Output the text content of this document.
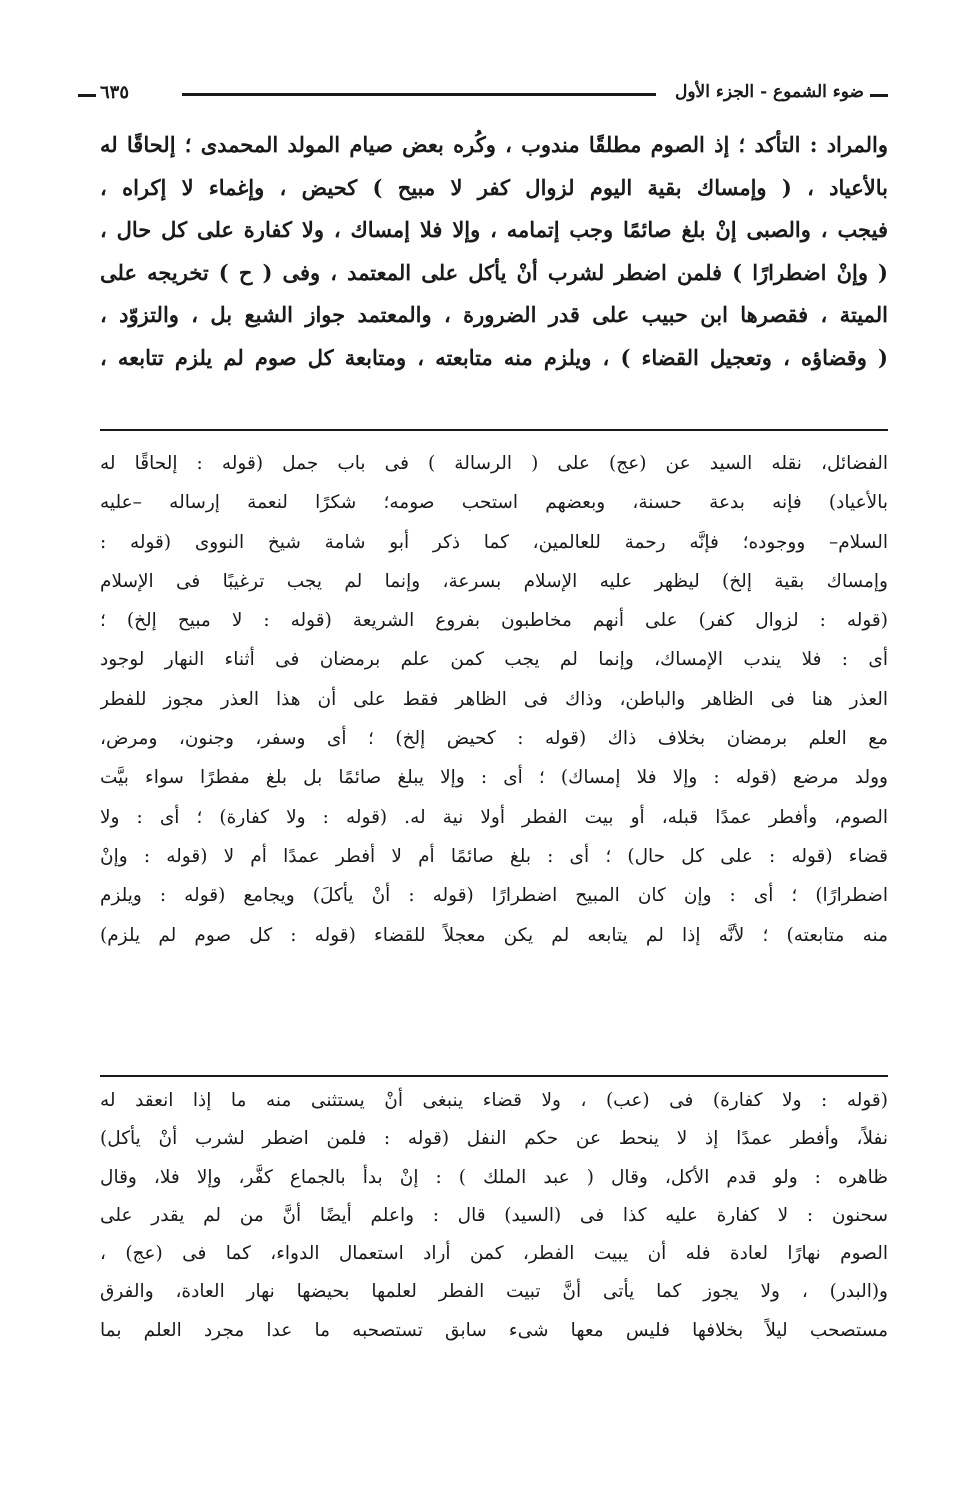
ضوء الشموع - الجزء الأول
٦٣٥
والمراد : التأكد ؛ إذ الصوم مطلقًا مندوب ، وكُره بعض صيام المولد المحمدى ؛ إلحاقًا له
بالأعياد ، ( وإمساك بقية اليوم لزوال كفر لا مبيح ) كحيض ، وإغماء لا إكراه ،
فيجب ، والصبى إنْ بلغ صائمًا وجب إتمامه ، وإلا فلا إمساك ، ولا كفارة على كل حال ،
( وإنْ اضطرارًا ) فلمن اضطر لشرب أنْ يأكل على المعتمد ، وفى ( ح ) تخريجه على
الميتة ، فقصرها ابن حبيب على قدر الضرورة ، والمعتمد جواز الشبع بل ، والتزوّد ،
( وقضاؤه ، وتعجيل القضاء ) ، ويلزم منه متابعته ، ومتابعة كل صوم لم يلزم تتابعه ،
الفضائل، نقله السيد عن (عج) على ( الرسالة ) فى باب جمل (قوله : إلحاقًا له
بالأعياد) فإنه بدعة حسنة، وبعضهم استحب صومه؛ شكرًا لنعمة إرساله –عليه
السلام– ووجوده؛ فإنَّه رحمة للعالمين، كما ذكر أبو شامة شيخ النووى (قوله :
وإمساك بقية إلخ) ليظهر عليه الإسلام بسرعة، وإنما لم يجب ترغيبًا فى الإسلام
(قوله : لزوال كفر) على أنهم مخاطبون بفروع الشريعة (قوله : لا مبيح إلخ) ؛
أى : فلا يندب الإمساك، وإنما لم يجب كمن علم برمضان فى أثناء النهار لوجود
العذر هنا فى الظاهر والباطن، وذاك فى الظاهر فقط على أن هذا العذر مجوز للفطر
مع العلم برمضان بخلاف ذاك (قوله : كحيض إلخ) ؛ أى وسفر، وجنون، ومرض،
وولد مرضع (قوله : وإلا فلا إمساك) ؛ أى : وإلا يبلغ صائمًا بل بلغ مفطرًا سواء بيَّت
الصوم، وأفطر عمدًا قبله، أو بيت الفطر أولا نية له. (قوله : ولا كفارة) ؛ أى : ولا
قضاء (قوله : على كل حال) ؛ أى : بلغ صائمًا أم لا أفطر عمدًا أم لا (قوله : وإنْ
اضطرارًا) ؛ أى : وإن كان المبيح اضطرارًا (قوله : أنْ يأكلَ) ويجامع (قوله : ويلزم
منه متابعته) ؛ لأنَّه إذا لم يتابعه لم يكن معجلاً للقضاء (قوله : كل صوم لم يلزم)
(قوله : ولا كفارة) فى (عب) ، ولا قضاء ينبغى أنْ يستثنى منه ما إذا انعقد له
نفلاً، وأفطر عمدًا إذ لا ينحط عن حكم النفل (قوله : فلمن اضطر لشرب أنْ يأكل)
ظاهره : ولو قدم الأكل، وقال ( عبد الملك ) : إنْ بدأ بالجماع كفَّر، وإلا فلا، وقال
سحنون : لا كفارة عليه كذا فى (السيد) قال : واعلم أيضًا أنَّ من لم يقدر على
الصوم نهارًا لعادة فله أن يبيت الفطر، كمن أراد استعمال الدواء، كما فى (عج) ،
و(البدر) ، ولا يجوز كما يأتى أنَّ تبيت الفطر لعلمها بحيضها نهار العادة، والفرق
مستصحب ليلاً بخلافها فليس معها شىء سابق تستصحبه ما عدا مجرد العلم بما
